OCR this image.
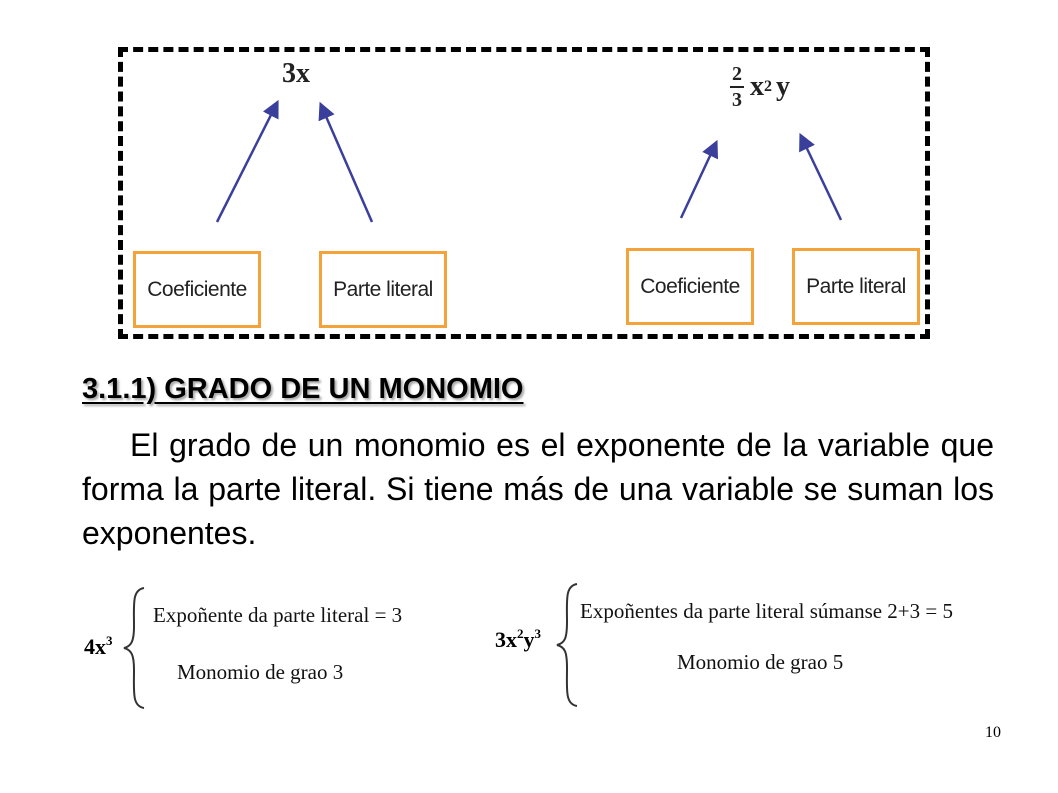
3x	$\frac{2}{3}$ x 2 y
Coeficiente	Parte literal	Coeficiente	Parte literal
3.1.1) GRADO DE UN MONOMIO
El grado de un monomio es el exponente de la variable que forma la parte literal. Si tiene más de una variable se suman los exponentes.
$4x^3$
Expoñente da parte literal = 3
Monomio de grao 3
$3x^2y^3$
Expoñentes da parte literal súmanse 2+3 = 5
Monomio de grao 5
10
